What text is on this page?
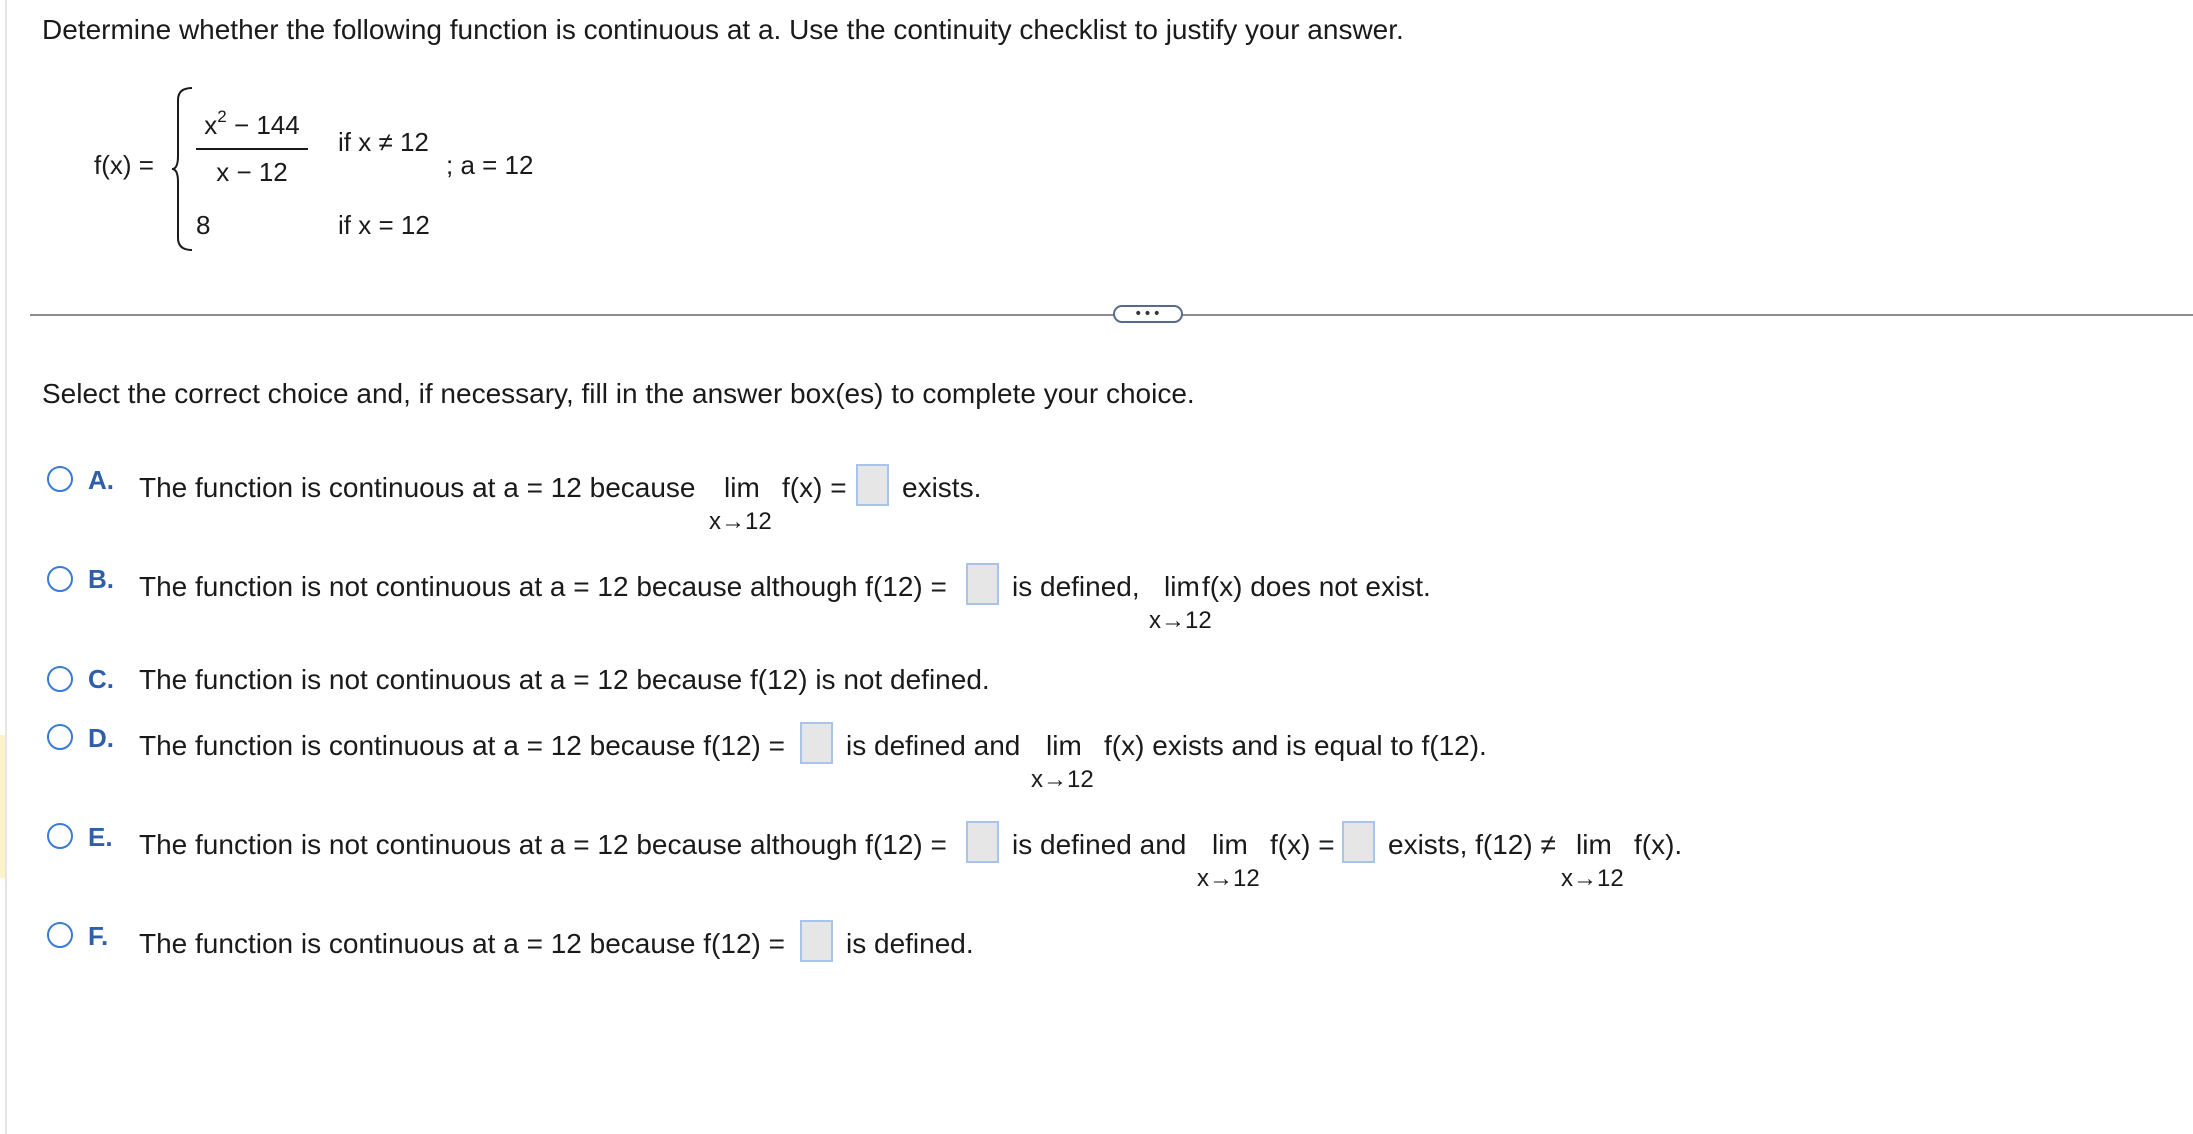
Determine whether the following function is continuous at a. Use the continuity checklist to justify your answer.
f(x) =
$x^2 - 144$
x − 12
if x ≠ 12
8	if x = 12
; a = 12
•••
Select the correct choice and, if necessary, fill in the answer box(es) to complete your choice.
A. The function is continuous at a = 12 because lim f(x) =
x→12
exists.
B. The function is not continuous at a = 12 because although f(12) = is defined, lim f(x) does not exist.
x→12
C. The function is not continuous at a = 12 because f(12) is not defined.
D. The function is continuous at a = 12 because f(12) = is defined and lim f(x) exists and is equal to f(12).
x→12
E. The function is not continuous at a = 12 because although f(12) = is defined and lim f(x) =
x→12
exists, f(12) ≠ lim f(x).
x→12
F. The function is continuous at a = 12 because f(12) = is defined.
